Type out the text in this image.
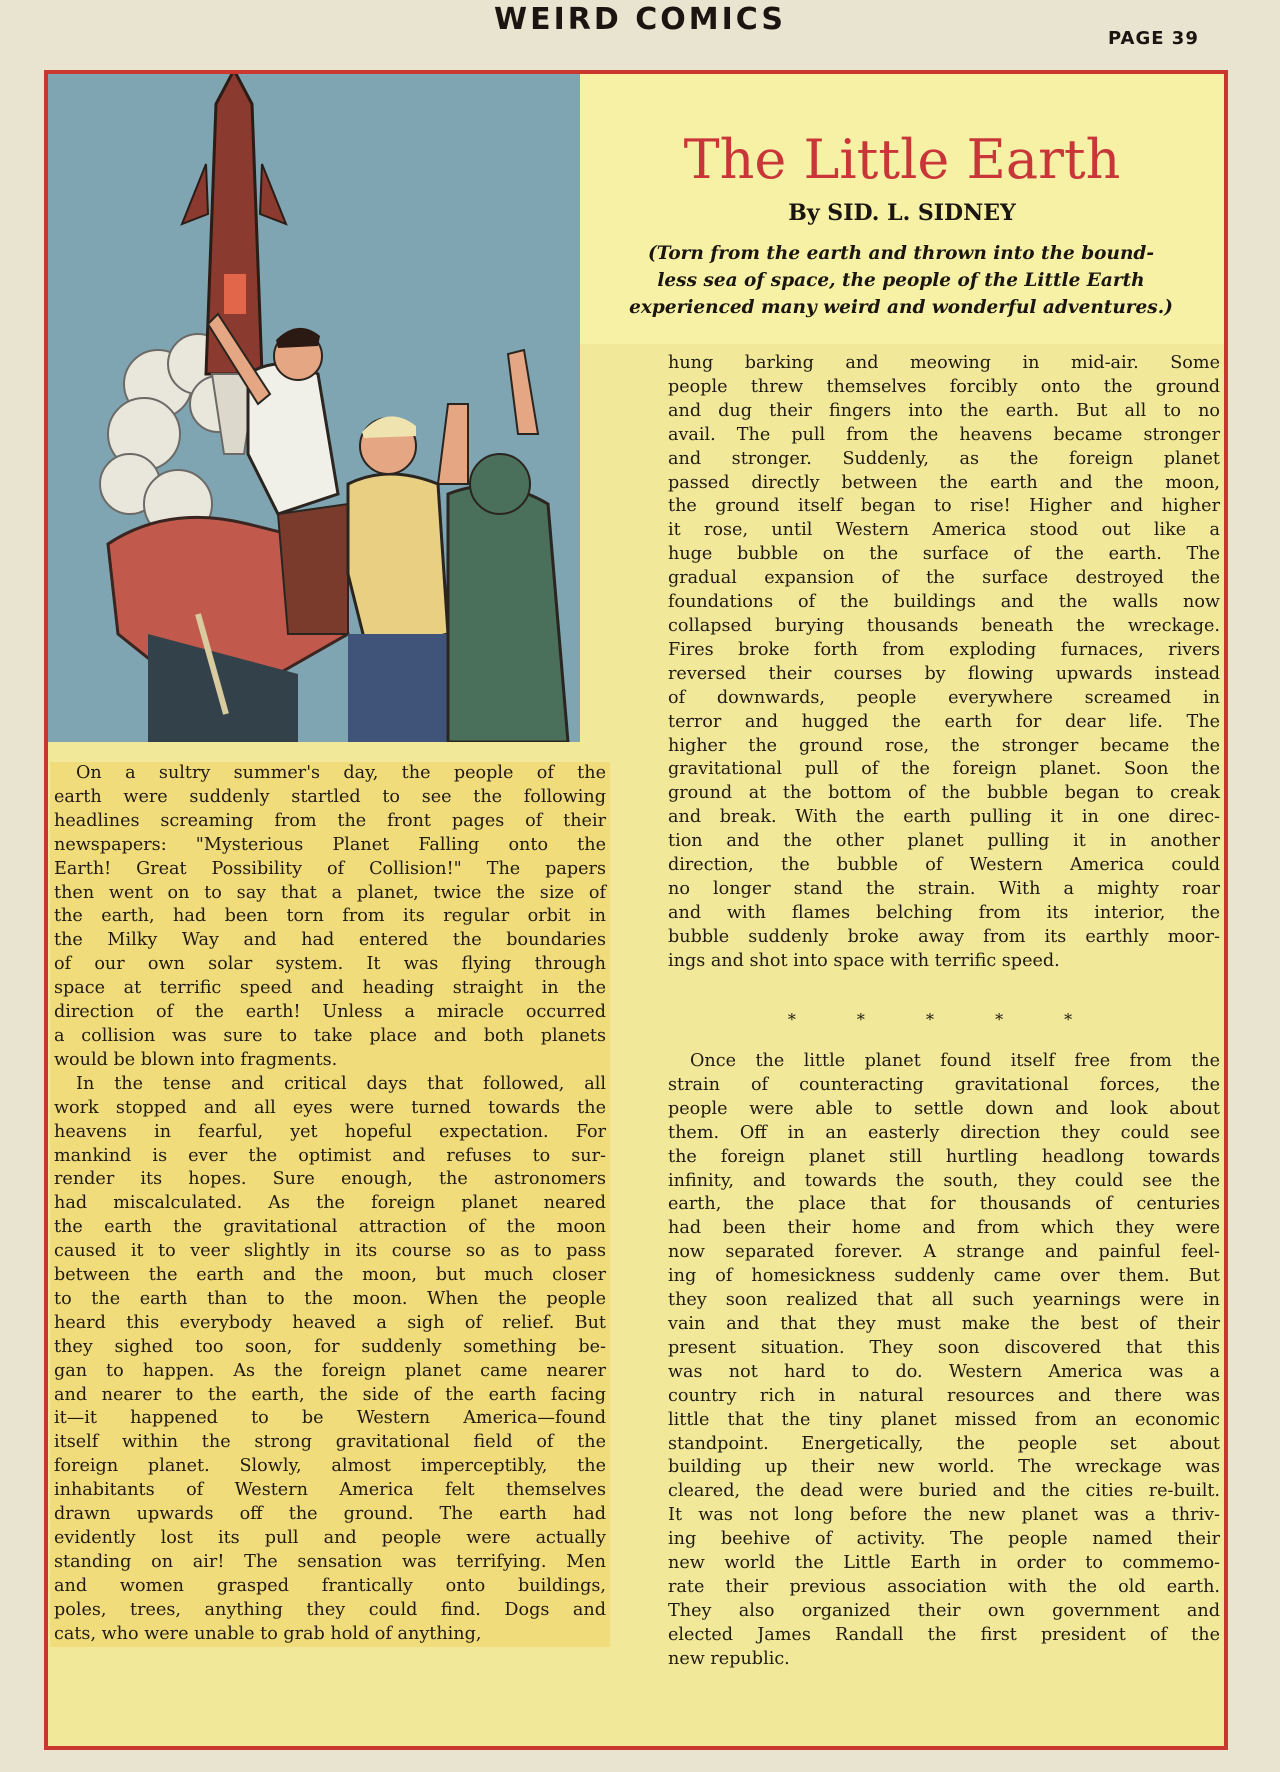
WEIRD COMICS
PAGE 39
The Little Earth
By SID. L. SIDNEY
(Torn from the earth and thrown into the bound-
less sea of space, the people of the Little Earth
experienced many weird and wonderful adventures.)

On a sultry summer's day, the people of the

earth were suddenly startled to see the following

headlines screaming from the front pages of their

newspapers: "Mysterious Planet Falling onto the

Earth! Great Possibility of Collision!" The papers

then went on to say that a planet, twice the size of

the earth, had been torn from its regular orbit in

the Milky Way and had entered the boundaries

of our own solar system. It was flying through

space at terrific speed and heading straight in the

direction of the earth! Unless a miracle occurred

a collision was sure to take place and both planets

would be blown into fragments.

In the tense and critical days that followed, all

work stopped and all eyes were turned towards the

heavens in fearful, yet hopeful expectation. For

mankind is ever the optimist and refuses to sur-

render its hopes. Sure enough, the astronomers

had miscalculated. As the foreign planet neared

the earth the gravitational attraction of the moon

caused it to veer slightly in its course so as to pass

between the earth and the moon, but much closer

to the earth than to the moon. When the people

heard this everybody heaved a sigh of relief. But

they sighed too soon, for suddenly something be-

gan to happen. As the foreign planet came nearer

and nearer to the earth, the side of the earth facing

it—it happened to be Western America—found

itself within the strong gravitational field of the

foreign planet. Slowly, almost imperceptibly, the

inhabitants of Western America felt themselves

drawn upwards off the ground. The earth had

evidently lost its pull and people were actually

standing on air! The sensation was terrifying. Men

and women grasped frantically onto buildings,

poles, trees, anything they could find. Dogs and

cats, who were unable to grab hold of anything,

hung barking and meowing in mid-air. Some

people threw themselves forcibly onto the ground

and dug their fingers into the earth. But all to no

avail. The pull from the heavens became stronger

and stronger. Suddenly, as the foreign planet

passed directly between the earth and the moon,

the ground itself began to rise! Higher and higher

it rose, until Western America stood out like a

huge bubble on the surface of the earth. The

gradual expansion of the surface destroyed the

foundations of the buildings and the walls now

collapsed burying thousands beneath the wreckage.

Fires broke forth from exploding furnaces, rivers

reversed their courses by flowing upwards instead

of downwards, people everywhere screamed in

terror and hugged the earth for dear life. The

higher the ground rose, the stronger became the

gravitational pull of the foreign planet. Soon the

ground at the bottom of the bubble began to creak

and break. With the earth pulling it in one direc-

tion and the other planet pulling it in another

direction, the bubble of Western America could

no longer stand the strain. With a mighty roar

and with flames belching from its interior, the

bubble suddenly broke away from its earthly moor-

ings and shot into space with terrific speed.

* * * * *

Once the little planet found itself free from the

strain of counteracting gravitational forces, the

people were able to settle down and look about

them. Off in an easterly direction they could see

the foreign planet still hurtling headlong towards

infinity, and towards the south, they could see the

earth, the place that for thousands of centuries

had been their home and from which they were

now separated forever. A strange and painful feel-

ing of homesickness suddenly came over them. But

they soon realized that all such yearnings were in

vain and that they must make the best of their

present situation. They soon discovered that this

was not hard to do. Western America was a

country rich in natural resources and there was

little that the tiny planet missed from an economic

standpoint. Energetically, the people set about

building up their new world. The wreckage was

cleared, the dead were buried and the cities re-built.

It was not long before the new planet was a thriv-

ing beehive of activity. The people named their

new world the Little Earth in order to commemo-

rate their previous association with the old earth.

They also organized their own government and

elected James Randall the first president of the

new republic.
